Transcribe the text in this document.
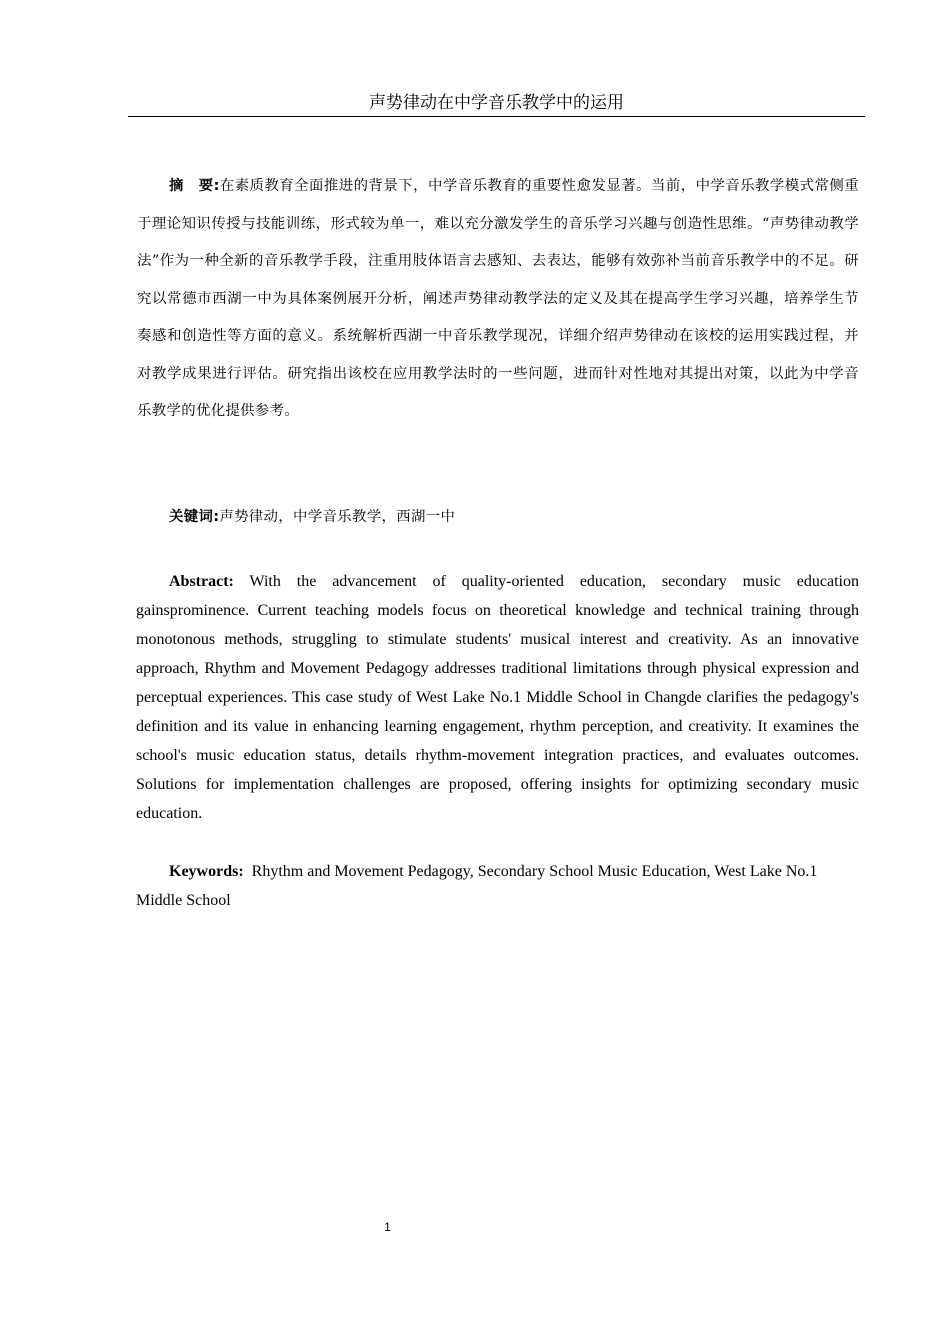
声势律动在中学音乐教学中的运用

摘　要:在素质教育全面推进的背景下，中学音乐教育的重要性愈发显著。当前，中学音乐教学模式常侧重于理论知识传授与技能训练，形式较为单一，难以充分激发学生的音乐学习兴趣与创造性思维。“声势律动教学法”作为一种全新的音乐教学手段，注重用肢体语言去感知、去表达，能够有效弥补当前音乐教学中的不足。研究以常德市西湖一中为具体案例展开分析，阐述声势律动教学法的定义及其在提高学生学习兴趣，培养学生节奏感和创造性等方面的意义。系统解析西湖一中音乐教学现况，详细介绍声势律动在该校的运用实践过程，并对教学成果进行评估。研究指出该校在应用教学法时的一些问题，进而针对性地对其提出对策，以此为中学音乐教学的优化提供参考。

关键词:声势律动，中学音乐教学，西湖一中

Abstract: With the advancement of quality-oriented education, secondary music education gainsprominence. Current teaching models focus on theoretical knowledge and technical training through monotonous methods, struggling to stimulate students' musical interest and creativity. As an innovative approach, Rhythm and Movement Pedagogy addresses traditional limitations through physical expression and perceptual experiences. This case study of West Lake No.1 Middle School in Changde clarifies the pedagogy's definition and its value in enhancing learning engagement, rhythm perception, and creativity. It examines the school's music education status, details rhythm-movement integration practices, and evaluates outcomes. Solutions for implementation challenges are proposed, offering insights for optimizing secondary music education.

Keywords: Rhythm and Movement Pedagogy, Secondary School Music Education, West Lake No.1 Middle School

1
